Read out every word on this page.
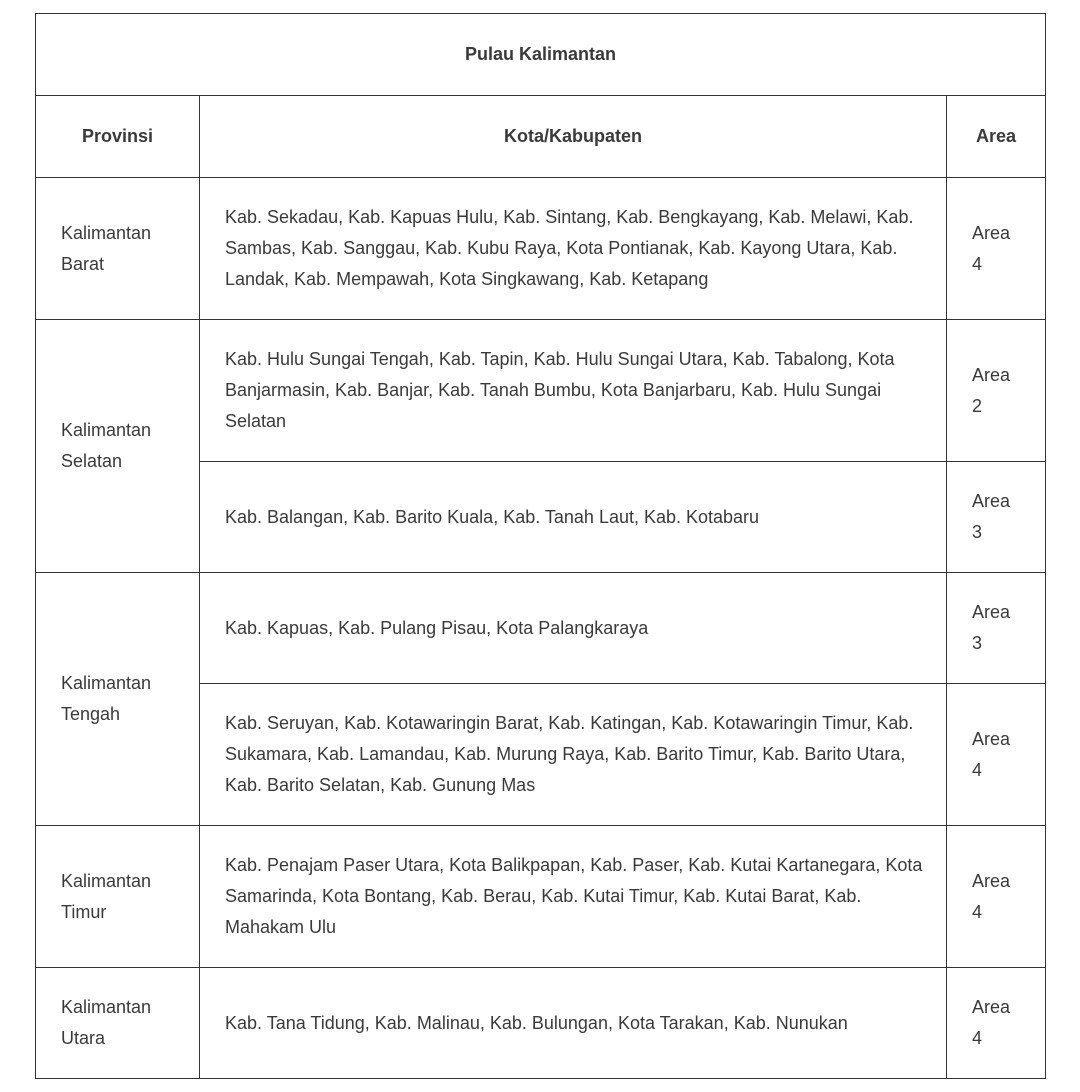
Pulau Kalimantan		
Provinsi	Kota/Kabupaten	Area
Kalimantan Barat	Kab. Sekadau, Kab. Kapuas Hulu, Kab. Sintang, Kab. Bengkayang, Kab. Melawi, Kab. Sambas, Kab. Sanggau, Kab. Kubu Raya, Kota Pontianak, Kab. Kayong Utara, Kab. Landak, Kab. Mempawah, Kota Singkawang, Kab. Ketapang	Area
4

Kalimantan Selatan	Kab. Hulu Sungai Tengah, Kab. Tapin, Kab. Hulu Sungai Utara, Kab. Tabalong, Kota Banjarmasin, Kab. Banjar, Kab. Tanah Bumbu, Kota Banjarbaru, Kab. Hulu Sungai Selatan	Area
2

	Kab. Balangan, Kab. Barito Kuala, Kab. Tanah Laut, Kab. Kotabaru	Area
3

Kalimantan Tengah	Kab. Kapuas, Kab. Pulang Pisau, Kota Palangkaraya	Area
3

	Kab. Seruyan, Kab. Kotawaringin Barat, Kab. Katingan, Kab. Kotawaringin Timur, Kab. Sukamara, Kab. Lamandau, Kab. Murung Raya, Kab. Barito Timur, Kab. Barito Utara, Kab. Barito Selatan, Kab. Gunung Mas	Area
4

Kalimantan Timur	Kab. Penajam Paser Utara, Kota Balikpapan, Kab. Paser, Kab. Kutai Kartanegara, Kota Samarinda, Kota Bontang, Kab. Berau, Kab. Kutai Timur, Kab. Kutai Barat, Kab. Mahakam Ulu	Area
4

Kalimantan Utara	Kab. Tana Tidung, Kab. Malinau, Kab. Bulungan, Kota Tarakan, Kab. Nunukan	Area
4
